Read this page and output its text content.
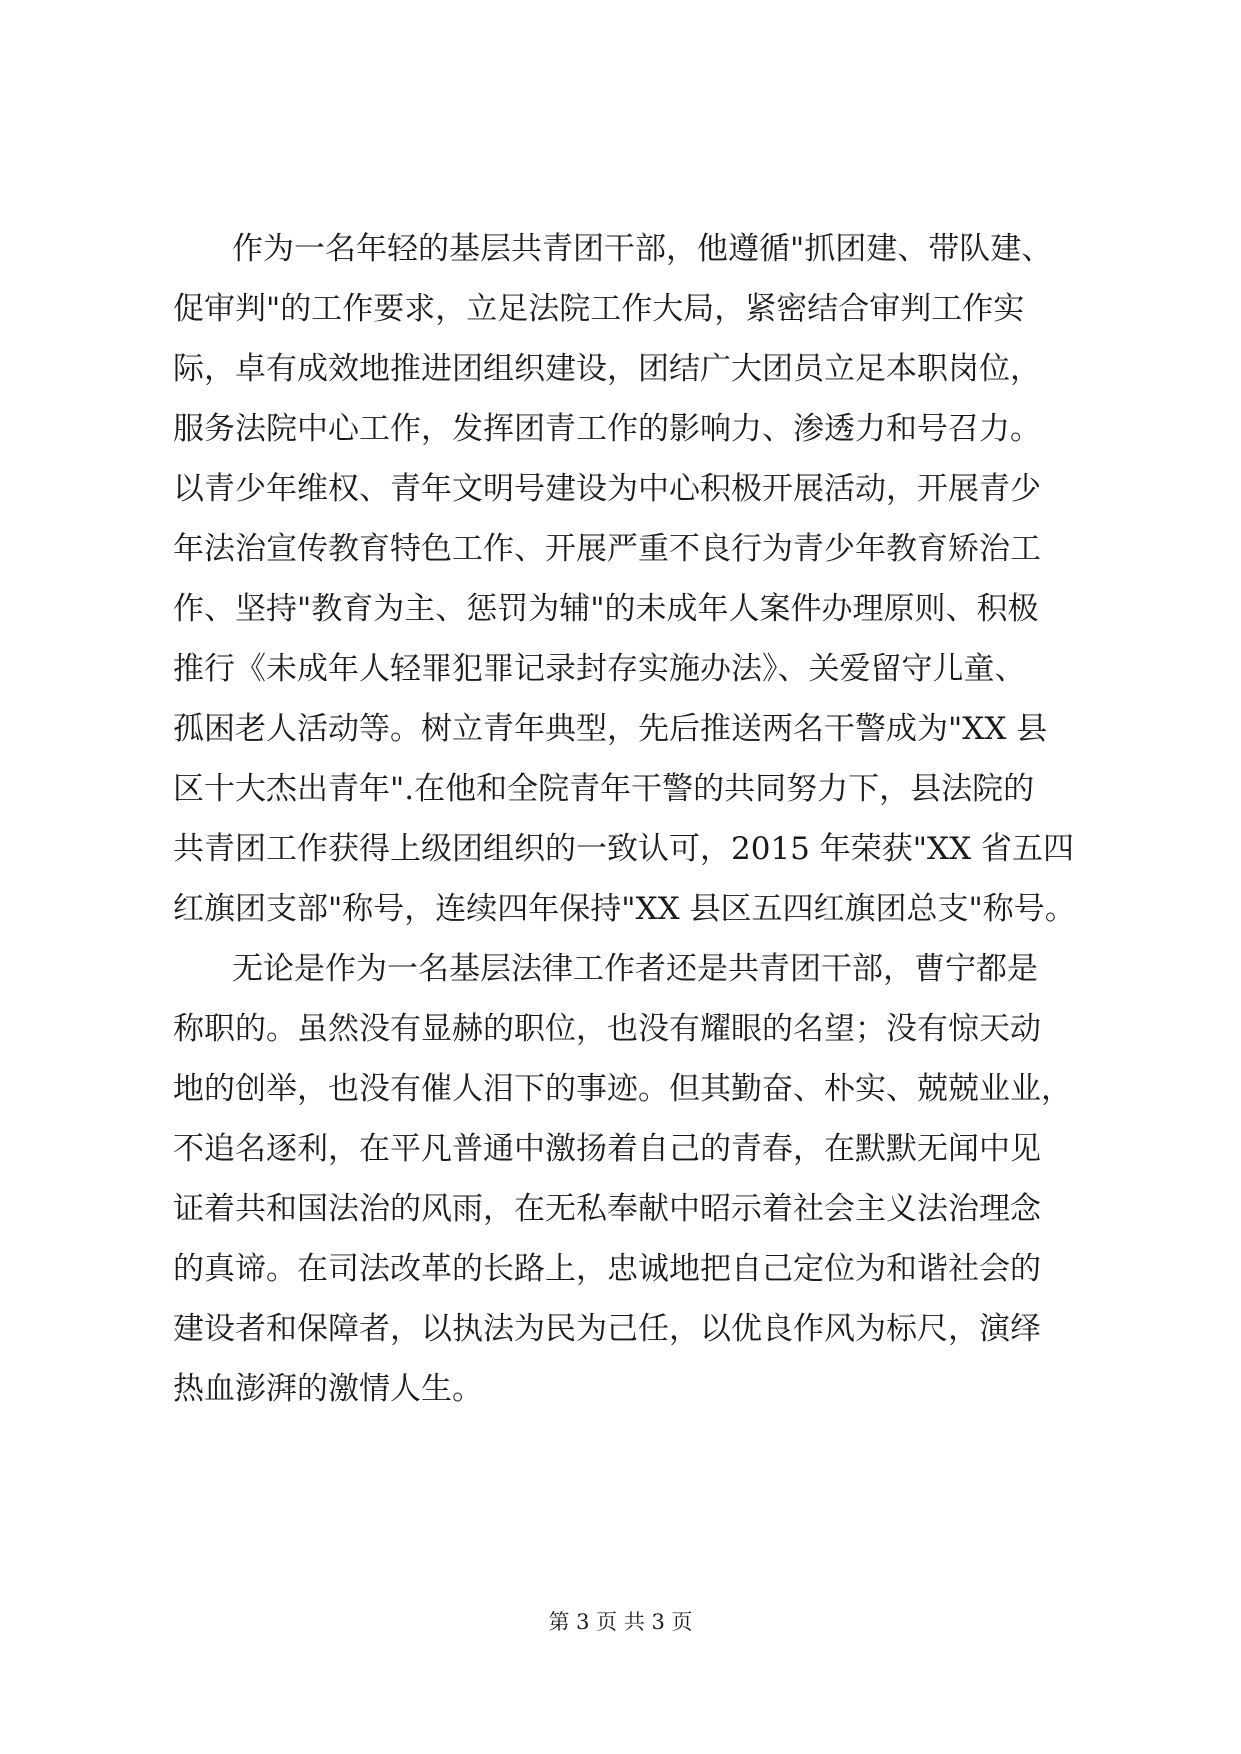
作为一名年轻的基层共青团干部，他遵循"抓团建、带队建、
促审判"的工作要求，立足法院工作大局，紧密结合审判工作实
际，卓有成效地推进团组织建设，团结广大团员立足本职岗位，
服务法院中心工作，发挥团青工作的影响力、渗透力和号召力。
以青少年维权、青年文明号建设为中心积极开展活动，开展青少
年法治宣传教育特色工作、开展严重不良行为青少年教育矫治工
作、坚持"教育为主、惩罚为辅"的未成年人案件办理原则、积极
推行《未成年人轻罪犯罪记录封存实施办法》、关爱留守儿童、
孤困老人活动等。树立青年典型，先后推送两名干警成为"XX 县
区十大杰出青年".在他和全院青年干警的共同努力下，县法院的
共青团工作获得上级团组织的一致认可，2015 年荣获"XX 省五四
红旗团支部"称号，连续四年保持"XX 县区五四红旗团总支"称号。
无论是作为一名基层法律工作者还是共青团干部，曹宁都是
称职的。虽然没有显赫的职位，也没有耀眼的名望；没有惊天动
地的创举，也没有催人泪下的事迹。但其勤奋、朴实、兢兢业业，
不追名逐利，在平凡普通中激扬着自己的青春，在默默无闻中见
证着共和国法治的风雨，在无私奉献中昭示着社会主义法治理念
的真谛。在司法改革的长路上，忠诚地把自己定位为和谐社会的
建设者和保障者，以执法为民为己任，以优良作风为标尺，演绎
热血澎湃的激情人生。
第 3 页 共 3 页
